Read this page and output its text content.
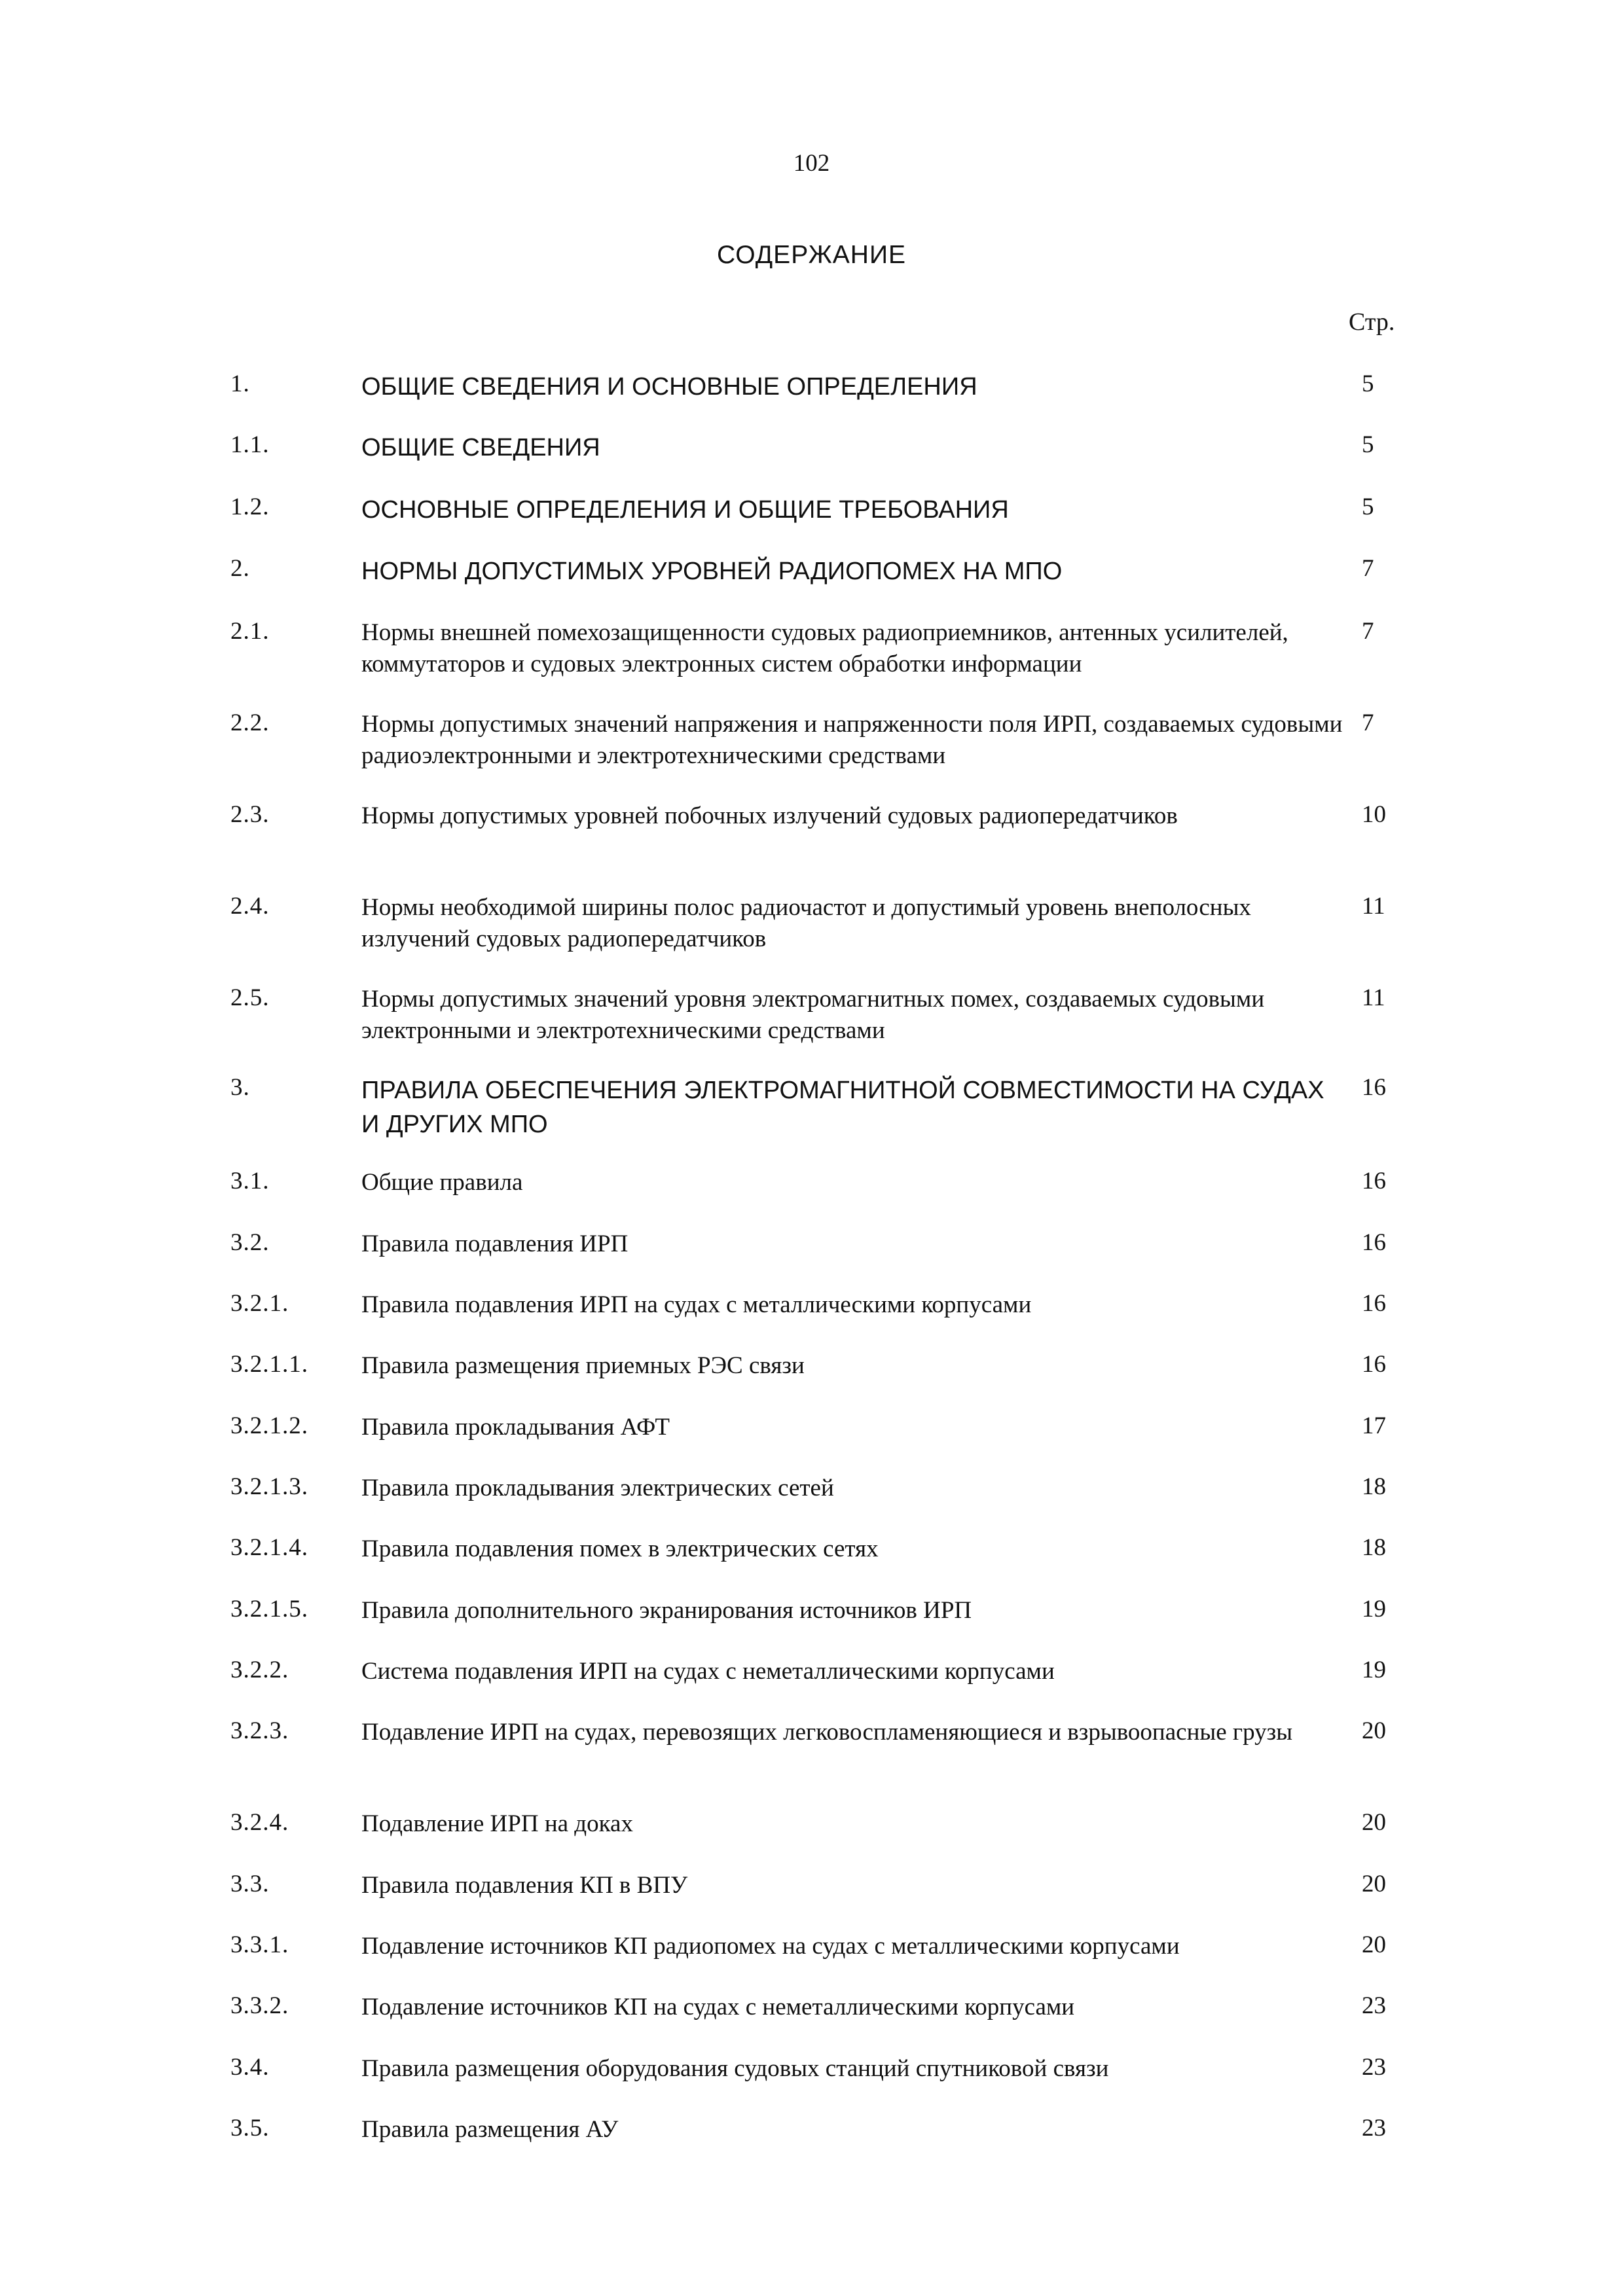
102
СОДЕРЖАНИЕ
Стр.
1.	ОБЩИЕ СВЕДЕНИЯ И ОСНОВНЫЕ ОПРЕДЕЛЕНИЯ	5
1.1.	ОБЩИЕ СВЕДЕНИЯ	5
1.2.	ОСНОВНЫЕ ОПРЕДЕЛЕНИЯ И ОБЩИЕ ТРЕБОВАНИЯ	5
2.	НОРМЫ ДОПУСТИМЫХ УРОВНЕЙ РАДИОПОМЕХ НА МПО	7
2.1.	Нормы внешней помехозащищенности судовых радиоприемников, антенных усилителей, коммутаторов и судовых электронных систем обработки информации
7
2.2.	Нормы допустимых значений напряжения и напряженности поля ИРП, создаваемых судовыми радиоэлектронными и электротехническими средствами
7
2.3.	Нормы допустимых уровней побочных излучений судовых радиопередатчиков	10
2.4.	Нормы необходимой ширины полос радиочастот и допустимый уровень внеполосных излучений судовых радиопередатчиков
11
2.5.	Нормы допустимых значений уровня электромагнитных помех, создаваемых судовыми электронными и электротехническими средствами
11
3.	ПРАВИЛА ОБЕСПЕЧЕНИЯ ЭЛЕКТРОМАГНИТНОЙ СОВМЕСТИМОСТИ НА СУДАХ И ДРУГИХ МПО
16
3.1.	Общие правила	16
3.2.	Правила подавления ИРП	16
3.2.1.	Правила подавления ИРП на судах с металлическими корпусами	16
3.2.1.1. Правила размещения приемных РЭС связи	16
3.2.1.2. Правила прокладывания АФТ	17
3.2.1.3. Правила прокладывания электрических сетей	18
3.2.1.4. Правила подавления помех в электрических сетях	18
3.2.1.5. Правила дополнительного экранирования источников ИРП	19
3.2.2.	Система подавления ИРП на судах с неметаллическими корпусами	19
3.2.3.	Подавление ИРП на судах, перевозящих легковоспламеняющиеся и взрывоопасные грузы	20
3.2.4.	Подавление ИРП на доках	20
3.3.	Правила подавления КП в ВПУ	20
3.3.1.	Подавление источников КП радиопомех на судах с металлическими корпусами	20
3.3.2.	Подавление источников КП на судах с неметаллическими корпусами	23
3.4.	Правила размещения оборудования судовых станций спутниковой связи	23
3.5.	Правила размещения АУ	23
